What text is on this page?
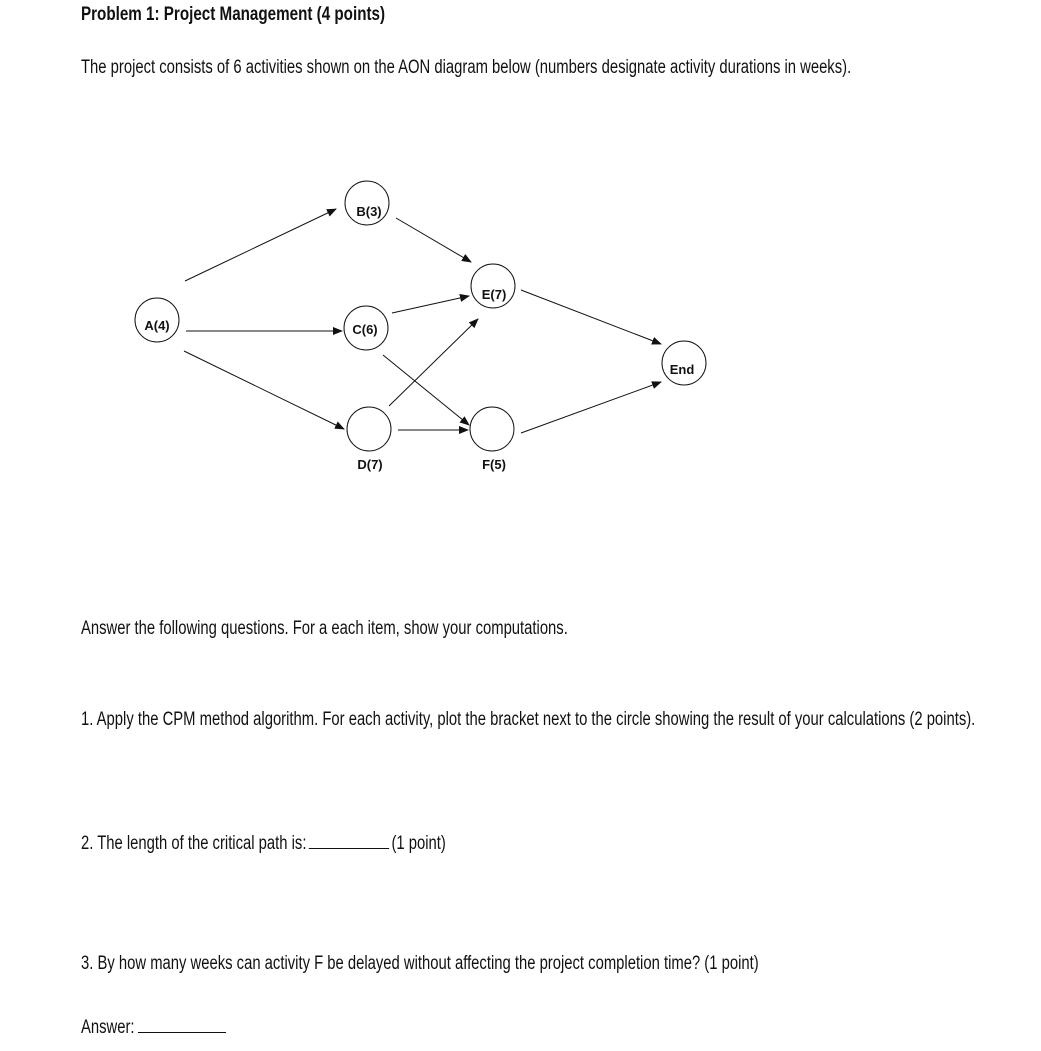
Problem 1: Project Management (4 points)
The project consists of 6 activities shown on the AON diagram below (numbers designate activity durations in weeks).
A(4)
B(3)
C(6)
D(7)
E(7)
F(5)
End
Answer the following questions. For a each item, show your computations.
1. Apply the CPM method algorithm. For each activity, plot the bracket next to the circle showing the result of your calculations (2 points).
2. The length of the critical path is:	(1 point)
3. By how many weeks can activity F be delayed without affecting the project completion time? (1 point)
Answer:
